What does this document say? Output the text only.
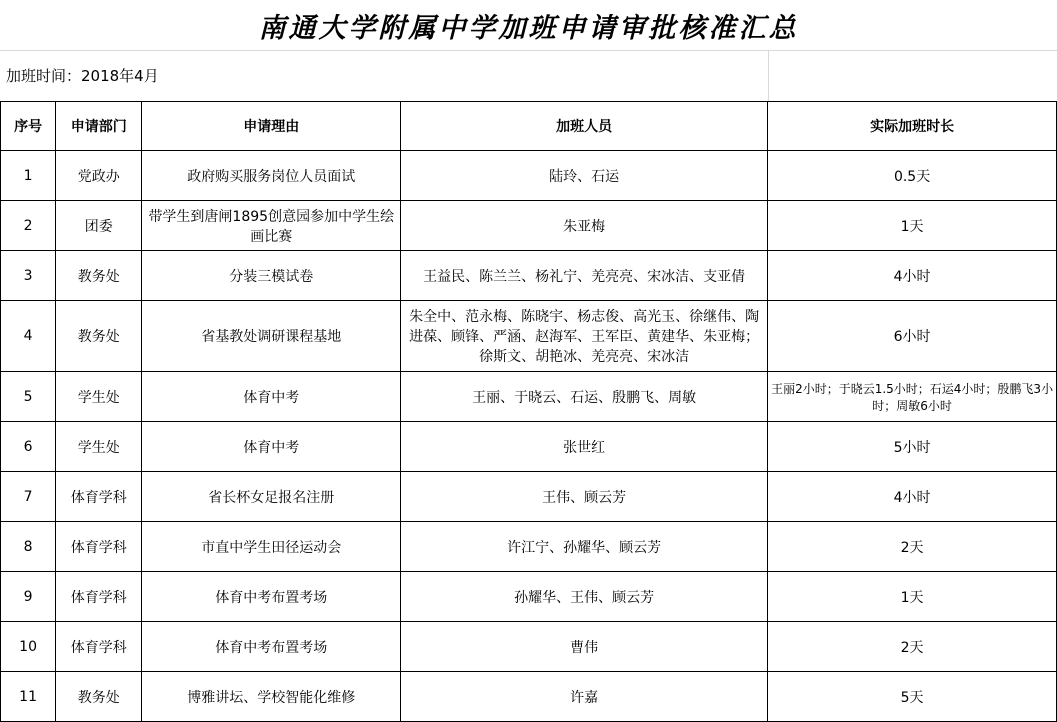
南通大学附属中学加班申请审批核准汇总
加班时间：2018年4月
序号	申请部门	申请理由	加班人员	实际加班时长
1	党政办	政府购买服务岗位人员面试	陆玲、石运	0.5天
2	团委	带学生到唐闸1895创意园参加中学生绘画比赛	朱亚梅	1天
3	教务处	分装三模试卷	王益民、陈兰兰、杨礼宁、羌亮亮、宋冰洁、支亚倩	4小时
4	教务处	省基教处调研课程基地	朱全中、范永梅、陈晓宇、杨志俊、高光玉、徐继伟、陶进葆、顾锋、严涵、赵海军、王军臣、黄建华、朱亚梅；徐斯文、胡艳冰、羌亮亮、宋冰洁	6小时
5	学生处	体育中考	王丽、于晓云、石运、殷鹏飞、周敏	王丽2小时；于晓云1.5小时；石运4小时；殷鹏飞3小时；周敏6小时
6	学生处	体育中考	张世红	5小时
7	体育学科	省长杯女足报名注册	王伟、顾云芳	4小时
8	体育学科	市直中学生田径运动会	许江宁、孙耀华、顾云芳	2天
9	体育学科	体育中考布置考场	孙耀华、王伟、顾云芳	1天
10	体育学科	体育中考布置考场	曹伟	2天
11	教务处	博雅讲坛、学校智能化维修	许嘉	5天
